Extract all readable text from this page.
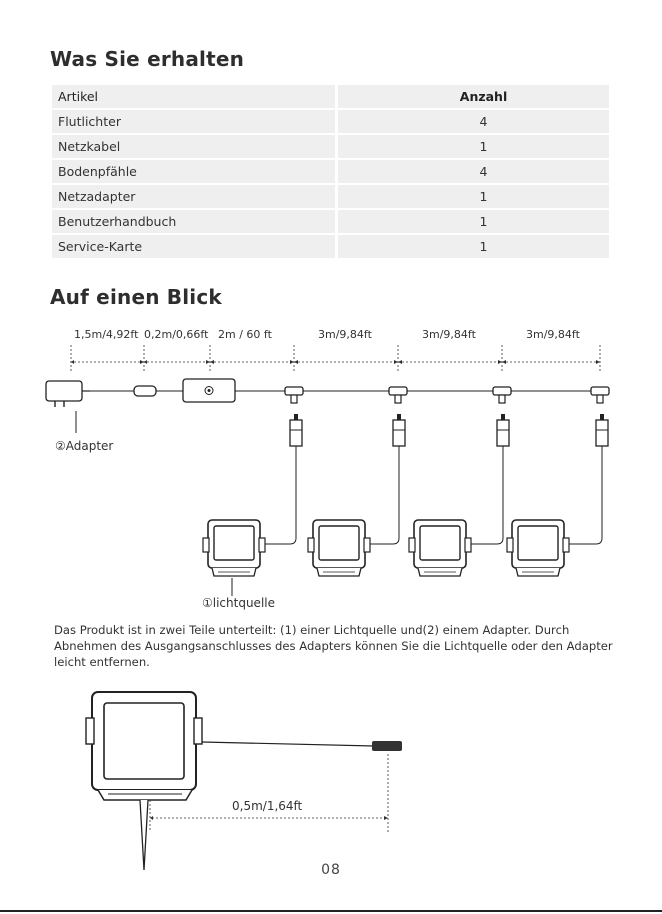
Was Sie erhalten
Artikel	Anzahl
Flutlichter	4
Netzkabel	1
Bodenpfähle	4
Netzadapter	1
Benutzerhandbuch	1
Service-Karte	1
Auf einen Blick
1,5m/4,92ft 0,2m/0,66ft 2m / 60 ft	3m/9,84ft	3m/9,84ft	3m/9,84ft
②Adapter
①lichtquelle
0,5m/1,64ft

Das Produkt ist in zwei Teile unterteilt: (1) einer Lichtquelle und(2) einem Adapter. Durch Abnehmen des Ausgangsanschlusses des Adapters können Sie die Lichtquelle oder den Adapter leicht entfernen.

08
